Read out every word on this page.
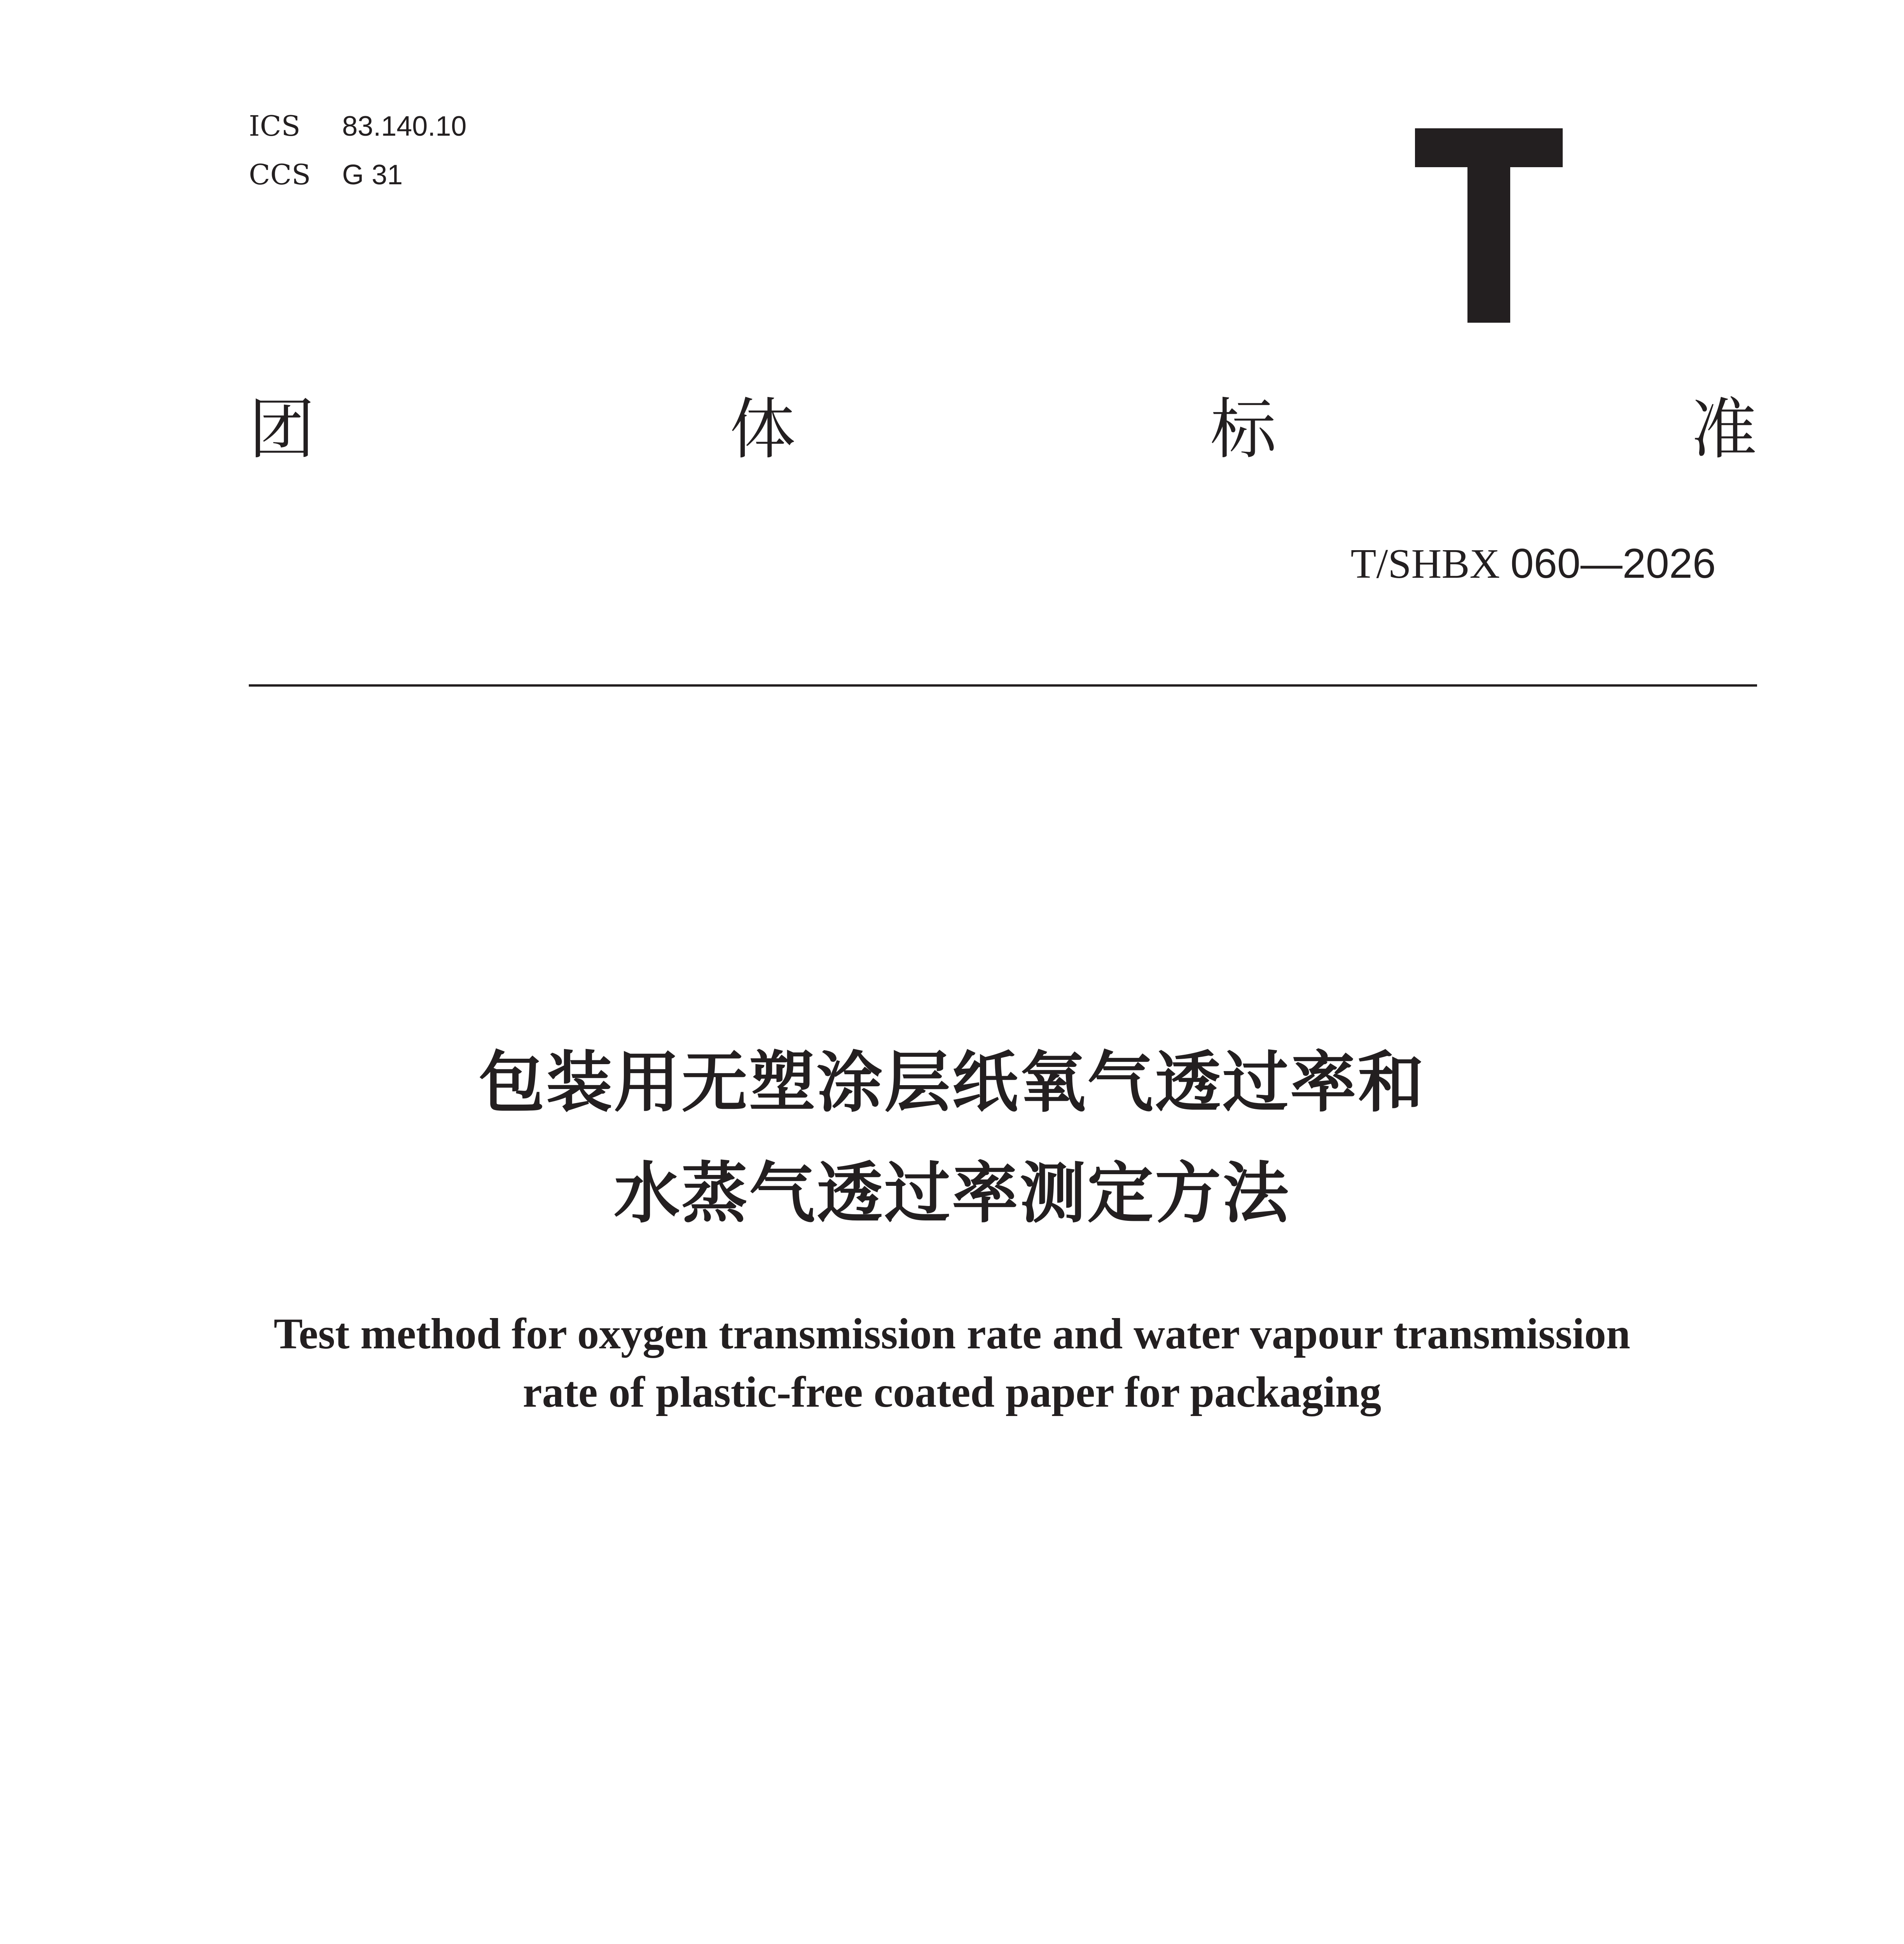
ICS 83.140.10
CCS G 31
团	体	标	准
T/SHBX 060—2026
包装用无塑涂层纸氧气透过率和
水蒸气透过率测定方法
Test method for oxygen transmission rate and water vapour transmission
rate of plastic-free coated paper for packaging
